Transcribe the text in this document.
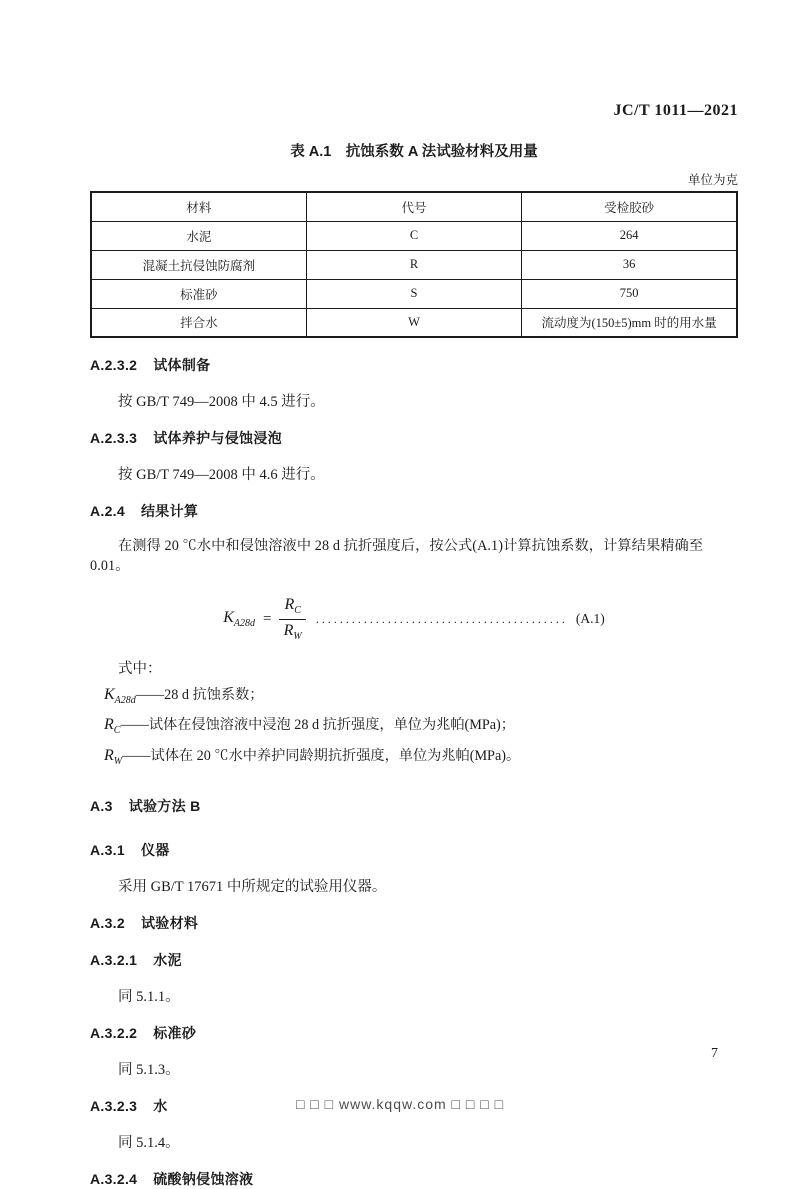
JC/T 1011—2021
表 A.1　抗蚀系数 A 法试验材料及用量
单位为克
材料	代号	受检胶砂
水泥	C	264
混凝土抗侵蚀防腐剂	R	36
标准砂	S	750
拌合水	W	流动度为(150±5)mm 时的用水量
A.2.3.2 试体制备

按 GB/T 749—2008 中 4.5 进行。

A.2.3.3 试体养护与侵蚀浸泡

按 GB/T 749—2008 中 4.6 进行。

A.2.4 结果计算

在测得 20 ℃水中和侵蚀溶液中 28 d 抗折强度后，按公式(A.1)计算抗蚀系数，计算结果精确至 0.01。

$K_{A28d} = \frac{R_C}{R_W}$ .......................................... (A.1)
式中：
$K_{A28d}——28$ d 抗蚀系数；
$R_C——$试体在侵蚀溶液中浸泡 28 d 抗折强度，单位为兆帕(MPa)；
$R_W——$试体在 20 ℃水中养护同龄期抗折强度，单位为兆帕(MPa)。
A.3 试验方法 B
A.3.1 仪器

采用 GB/T 17671 中所规定的试验用仪器。

A.3.2 试验材料
A.3.2.1 水泥

同 5.1.1。

A.3.2.2 标准砂

同 5.1.3。

A.3.2.3 水

同 5.1.4。

A.3.2.4 硫酸钠侵蚀溶液
7
□ □ □ www.kqqw.com □ □ □ □
